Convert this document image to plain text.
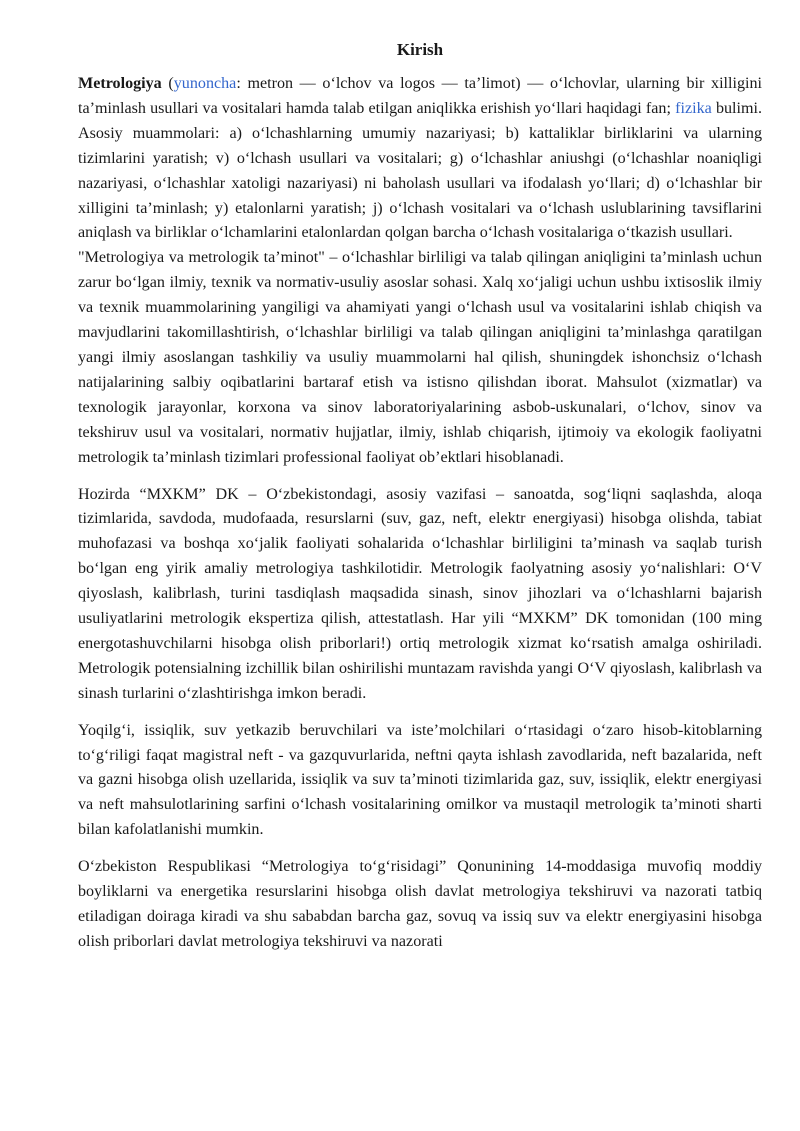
Kirish

Metrologiya (yunoncha: metron — oʻlchov va logos — taʼlimot) — oʻlchovlar, ularning bir xilligini taʼminlash usullari va vositalari hamda talab etilgan aniqlikka erishish yoʻllari haqidagi fan; fizika bulimi. Asosiy muammolari: a) oʻlchashlarning umumiy nazariyasi; b) kattaliklar birliklarini va ularning tizimlarini yaratish; v) oʻlchash usullari va vositalari; g) oʻlchashlar aniushgi (oʻlchashlar noaniqligi nazariyasi, oʻlchashlar xatoligi nazariyasi) ni baholash usullari va ifodalash yoʻllari; d) oʻlchashlar bir xilligini taʼminlash; y) etalonlarni yaratish; j) oʻlchash vositalari va oʻlchash uslublarining tavsiflarini aniqlash va birliklar oʻlchamlarini etalonlardan qolgan barcha oʻlchash vositalariga oʻtkazish usullari.

"Metrologiya va metrologik taʼminot" – oʻlchashlar birliligi va talab qilingan aniqligini taʼminlash uchun zarur boʻlgan ilmiy, texnik va normativ-usuliy asoslar sohasi. Xalq xoʻjaligi uchun ushbu ixtisoslik ilmiy va texnik muammolarining yangiligi va ahamiyati yangi oʻlchash usul va vositalarini ishlab chiqish va mavjudlarini takomillashtirish, oʻlchashlar birliligi va talab qilingan aniqligini taʼminlashga qaratilgan yangi ilmiy asoslangan tashkiliy va usuliy muammolarni hal qilish, shuningdek ishonchsiz oʻlchash natijalarining salbiy oqibatlarini bartaraf etish va istisno qilishdan iborat. Mahsulot (xizmatlar) va texnologik jarayonlar, korxona va sinov laboratoriyalarining asbob-uskunalari, oʻlchov, sinov va tekshiruv usul va vositalari, normativ hujjatlar, ilmiy, ishlab chiqarish, ijtimoiy va ekologik faoliyatni metrologik taʼminlash tizimlari professional faoliyat obʼektlari hisoblanadi.

Hozirda “MXKM” DK – Oʻzbekistondagi, asosiy vazifasi – sanoatda, sogʻliqni saqlashda, aloqa tizimlarida, savdoda, mudofaada, resurslarni (suv, gaz, neft, elektr energiyasi) hisobga olishda, tabiat muhofazasi va boshqa xoʻjalik faoliyati sohalarida oʻlchashlar birliligini taʼminash va saqlab turish boʻlgan eng yirik amaliy metrologiya tashkilotidir. Metrologik faolyatning asosiy yoʻnalishlari: OʻV qiyoslash, kalibrlash, turini tasdiqlash maqsadida sinash, sinov jihozlari va oʻlchashlarni bajarish usuliyatlarini metrologik ekspertiza qilish, attestatlash. Har yili “MXKM” DK tomonidan (100 ming energotashuvchilarni hisobga olish priborlari!) ortiq metrologik xizmat koʻrsatish amalga oshiriladi. Metrologik potensialning izchillik bilan oshirilishi muntazam ravishda yangi OʻV qiyoslash, kalibrlash va sinash turlarini oʻzlashtirishga imkon beradi.

Yoqilgʻi, issiqlik, suv yetkazib beruvchilari va isteʼmolchilari oʻrtasidagi oʻzaro hisob-kitoblarning toʻgʻriligi faqat magistral neft - va gazquvurlarida, neftni qayta ishlash zavodlarida, neft bazalarida, neft va gazni hisobga olish uzellarida, issiqlik va suv taʼminoti tizimlarida gaz, suv, issiqlik, elektr energiyasi va neft mahsulotlarining sarfini oʻlchash vositalarining omilkor va mustaqil metrologik taʼminoti sharti bilan kafolatlanishi mumkin.

Oʻzbekiston Respublikasi “Metrologiya toʻgʻrisidagi” Qonunining 14-moddasiga muvofiq moddiy boyliklarni va energetika resurslarini hisobga olish davlat metrologiya tekshiruvi va nazorati tatbiq etiladigan doiraga kiradi va shu sababdan barcha gaz, sovuq va issiq suv va elektr energiyasini hisobga olish priborlari davlat metrologiya tekshiruvi va nazorati
